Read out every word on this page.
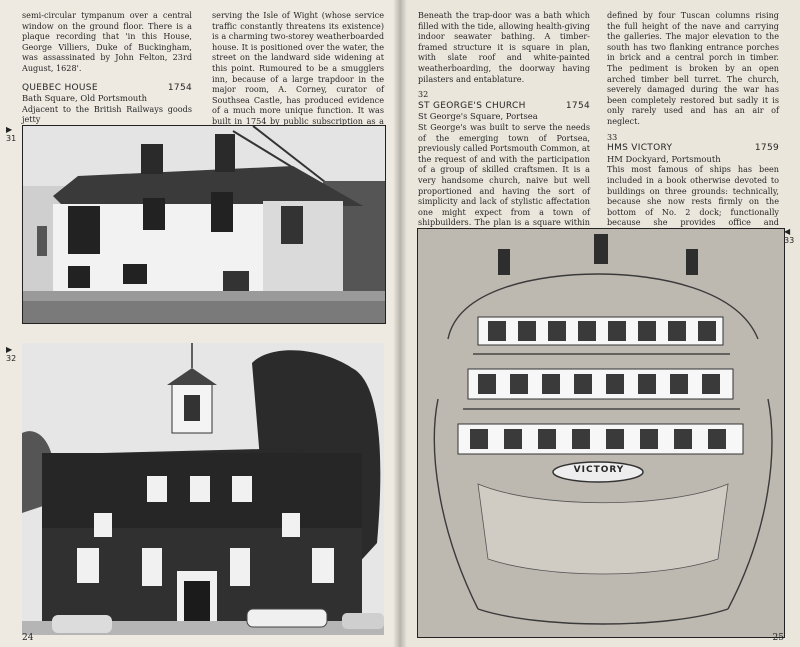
semi-circular tympanum over a central window on the ground floor. There is a plaque recording that 'in this House, George Villiers, Duke of Buckingham, was assassinated by John Felton, 23rd August, 1628'.

QUEBEC HOUSE	1754
Bath Square, Old Portsmouth

Adjacent to the British Railways goods jetty

serving the Isle of Wight (whose service traffic constantly threatens its existence) is a charming two-storey weatherboarded house. It is positioned over the water, the street on the landward side widening at this point. Rumoured to be a smugglers inn, because of a large trapdoor in the major room, A. Corney, curator of Southsea Castle, has produced evidence of a much more unique function. It was built in 1754 by public subscription as a

▶
31
▶
32
24

Beneath the trap-door was a bath which filled with the tide, allowing health-giving indoor seawater bathing. A timber-framed structure it is square in plan, with slate roof and white-painted weatherboarding, the doorway having pilasters and entablature.

32
ST GEORGE'S CHURCH	1754
St George's Square, Portsea

St George's was built to serve the needs of the emerging town of Portsea, previously called Portsmouth Common, at the request of and with the participation of a group of skilled craftsmen. It is a very handsome church, naive but well proportioned and having the sort of simplicity and lack of stylistic affectation one might expect from a town of shipbuilders. The plan is a square within

defined by four Tuscan columns rising the full height of the nave and carrying the galleries. The major elevation to the south has two flanking entrance porches in brick and a central porch in timber. The pediment is broken by an open arched timber bell turret. The church, severely damaged during the war has been completely restored but sadly it is only rarely used and has an air of neglect.

33
HMS VICTORY	1759
HM Dockyard, Portsmouth

This most famous of ships has been included in a book otherwise devoted to buildings on three grounds: technically, because she now rests firmly on the bottom of No. 2 dock; functionally because she provides office and

◀
33
VICTORY
25
